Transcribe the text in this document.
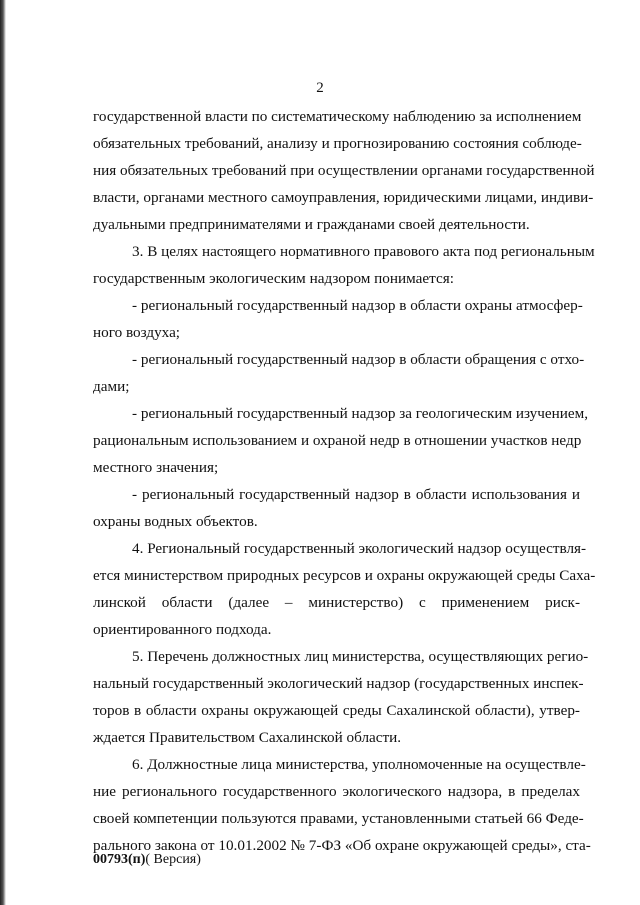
2
государственной власти по систематическому наблюдению за исполнением
обязательных требований, анализу и прогнозированию состояния соблюде-
ния обязательных требований при осуществлении органами государственной
власти, органами местного самоуправления, юридическими лицами, индиви-
дуальными предпринимателями и гражданами своей деятельности.
3. В целях настоящего нормативного правового акта под региональным
государственным экологическим надзором понимается:
- региональный государственный надзор в области охраны атмосфер-
ного воздуха;
- региональный государственный надзор в области обращения с отхо-
дами;
- региональный государственный надзор за геологическим изучением,
рациональным использованием и охраной недр в отношении участков недр
местного значения;
- региональный государственный надзор в области использования и
охраны водных объектов.
4. Региональный государственный экологический надзор осуществля-
ется министерством природных ресурсов и охраны окружающей среды Саха-
линской области (далее – министерство) с применением риск-
ориентированного подхода.
5. Перечень должностных лиц министерства, осуществляющих регио-
нальный государственный экологический надзор (государственных инспек-
торов в области охраны окружающей среды Сахалинской области), утвер-
ждается Правительством Сахалинской области.
6. Должностные лица министерства, уполномоченные на осуществле-
ние регионального государственного экологического надзора, в пределах
своей компетенции пользуются правами, установленными статьей 66 Феде-
рального закона от 10.01.2002 № 7-ФЗ «Об охране окружающей среды», ста-
00793(п)( Версия)
